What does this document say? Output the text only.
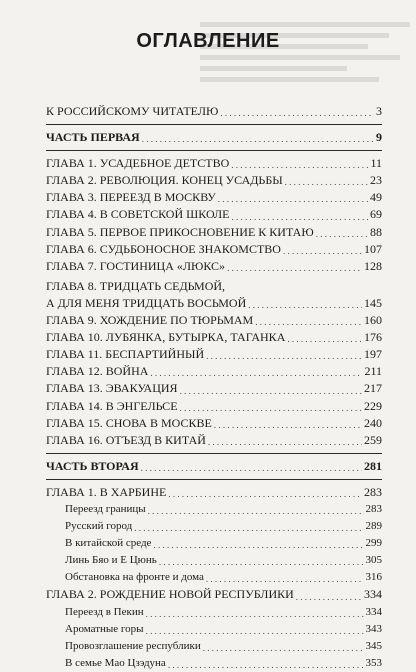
ОГЛАВЛЕНИЕ
К РОССИЙСКОМУ ЧИТАТЕЛЮ . . .	3
ЧАСТЬ ПЕРВАЯ . . .	9
ГЛАВА 1. УСАДЕБНОЕ ДЕТСТВО . . .	11
ГЛАВА 2. РЕВОЛЮЦИЯ. КОНЕЦ УСАДЬБЫ . . .	23
ГЛАВА 3. ПЕРЕЕЗД В МОСКВУ . . .	49
ГЛАВА 4. В СОВЕТСКОЙ ШКОЛЕ . . .	69
ГЛАВА 5. ПЕРВОЕ ПРИКОСНОВЕНИЕ К КИТАЮ . . .	88
ГЛАВА 6. СУДЬБОНОСНОЕ ЗНАКОМСТВО . . .	107
ГЛАВА 7. ГОСТИНИЦА «ЛЮКС» . . .	128
ГЛАВА 8. ТРИДЦАТЬ СЕДЬМОЙ,
А ДЛЯ МЕНЯ ТРИДЦАТЬ ВОСЬМОЙ . . .	145
ГЛАВА 9. ХОЖДЕНИЕ ПО ТЮРЬМАМ . . .	160
ГЛАВА 10. ЛУБЯНКА, БУТЫРКА, ТАГАНКА . . .	176
ГЛАВА 11. БЕСПАРТИЙНЫЙ . . .	197
ГЛАВА 12. ВОЙНА . . .	211
ГЛАВА 13. ЭВАКУАЦИЯ . . .	217
ГЛАВА 14. В ЭНГЕЛЬСЕ . . .	229
ГЛАВА 15. СНОВА В МОСКВЕ . . .	240
ГЛАВА 16. ОТЪЕЗД В КИТАЙ . . .	259
ЧАСТЬ ВТОРАЯ . . .	281
ГЛАВА 1. В ХАРБИНЕ . . .	283
Переезд границы . . .	283
Русский город . . .	289
В китайской среде . . .	299
Линь Бяо и Е Цюнь . . .	305
Обстановка на фронте и дома . . .	316
ГЛАВА 2. РОЖДЕНИЕ НОВОЙ РЕСПУБЛИКИ . . .	334
Переезд в Пекин . . .	334
Ароматные горы . . .	343
Провозглашение республики . . .	345
В семье Мао Цзэдуна . . .	353
